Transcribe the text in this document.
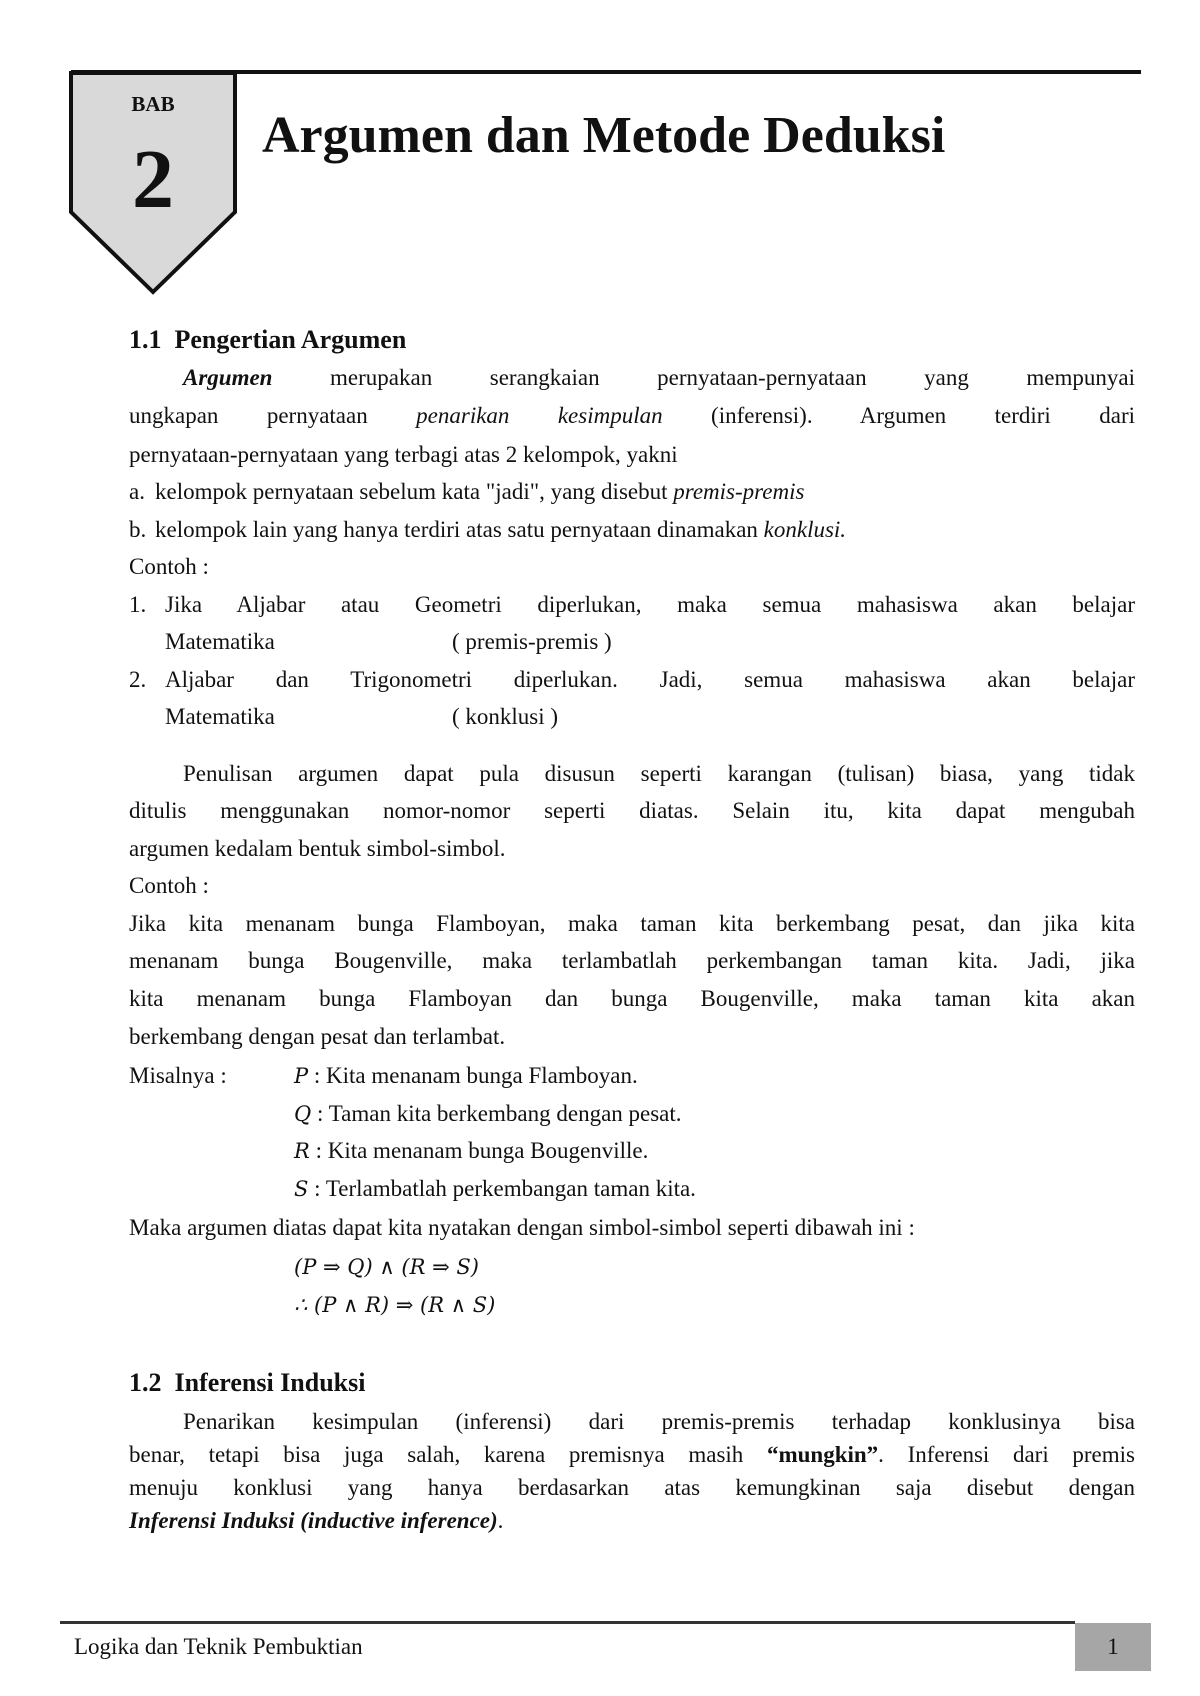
BAB
2	Argumen dan Metode Deduksi
1.1  Pengertian Argumen
Argumen merupakan serangkaian pernyataan-pernyataan yang mempunyai
ungkapan pernyataan penarikan kesimpulan (inferensi). Argumen terdiri dari
pernyataan-pernyataan yang terbagi atas 2 kelompok, yakni
a. kelompok pernyataan sebelum kata "jadi", yang disebut premis-premis
b. kelompok lain yang hanya terdiri atas satu pernyataan dinamakan konklusi.
Contoh :
1. Jika Aljabar atau Geometri diperlukan, maka semua mahasiswa akan belajar
Matematika	( premis-premis )
2. Aljabar dan Trigonometri diperlukan. Jadi, semua mahasiswa akan belajar
Matematika	( konklusi )
Penulisan argumen dapat pula disusun seperti karangan (tulisan) biasa, yang tidak
ditulis menggunakan nomor-nomor seperti diatas. Selain itu, kita dapat mengubah
argumen kedalam bentuk simbol-simbol.
Contoh :
Jika kita menanam bunga Flamboyan, maka taman kita berkembang pesat, dan jika kita
menanam bunga Bougenville, maka terlambatlah perkembangan taman kita. Jadi, jika
kita menanam bunga Flamboyan dan bunga Bougenville, maka taman kita akan
berkembang dengan pesat dan terlambat.
Misalnya :	P : Kita menanam bunga Flamboyan.
Q : Taman kita berkembang dengan pesat.
R : Kita menanam bunga Bougenville.
S : Terlambatlah perkembangan taman kita.
Maka argumen diatas dapat kita nyatakan dengan simbol-simbol seperti dibawah ini :
(P ⇒ Q) ∧ (R ⇒ S)
∴ (P ∧ R) ⇒ (R ∧ S)
1.2  Inferensi Induksi
Penarikan kesimpulan (inferensi) dari premis-premis terhadap konklusinya bisa
benar, tetapi bisa juga salah, karena premisnya masih “mungkin”. Inferensi dari premis
menuju konklusi yang hanya berdasarkan atas kemungkinan saja disebut dengan
Inferensi Induksi (inductive inference).
Logika dan Teknik Pembuktian	1
